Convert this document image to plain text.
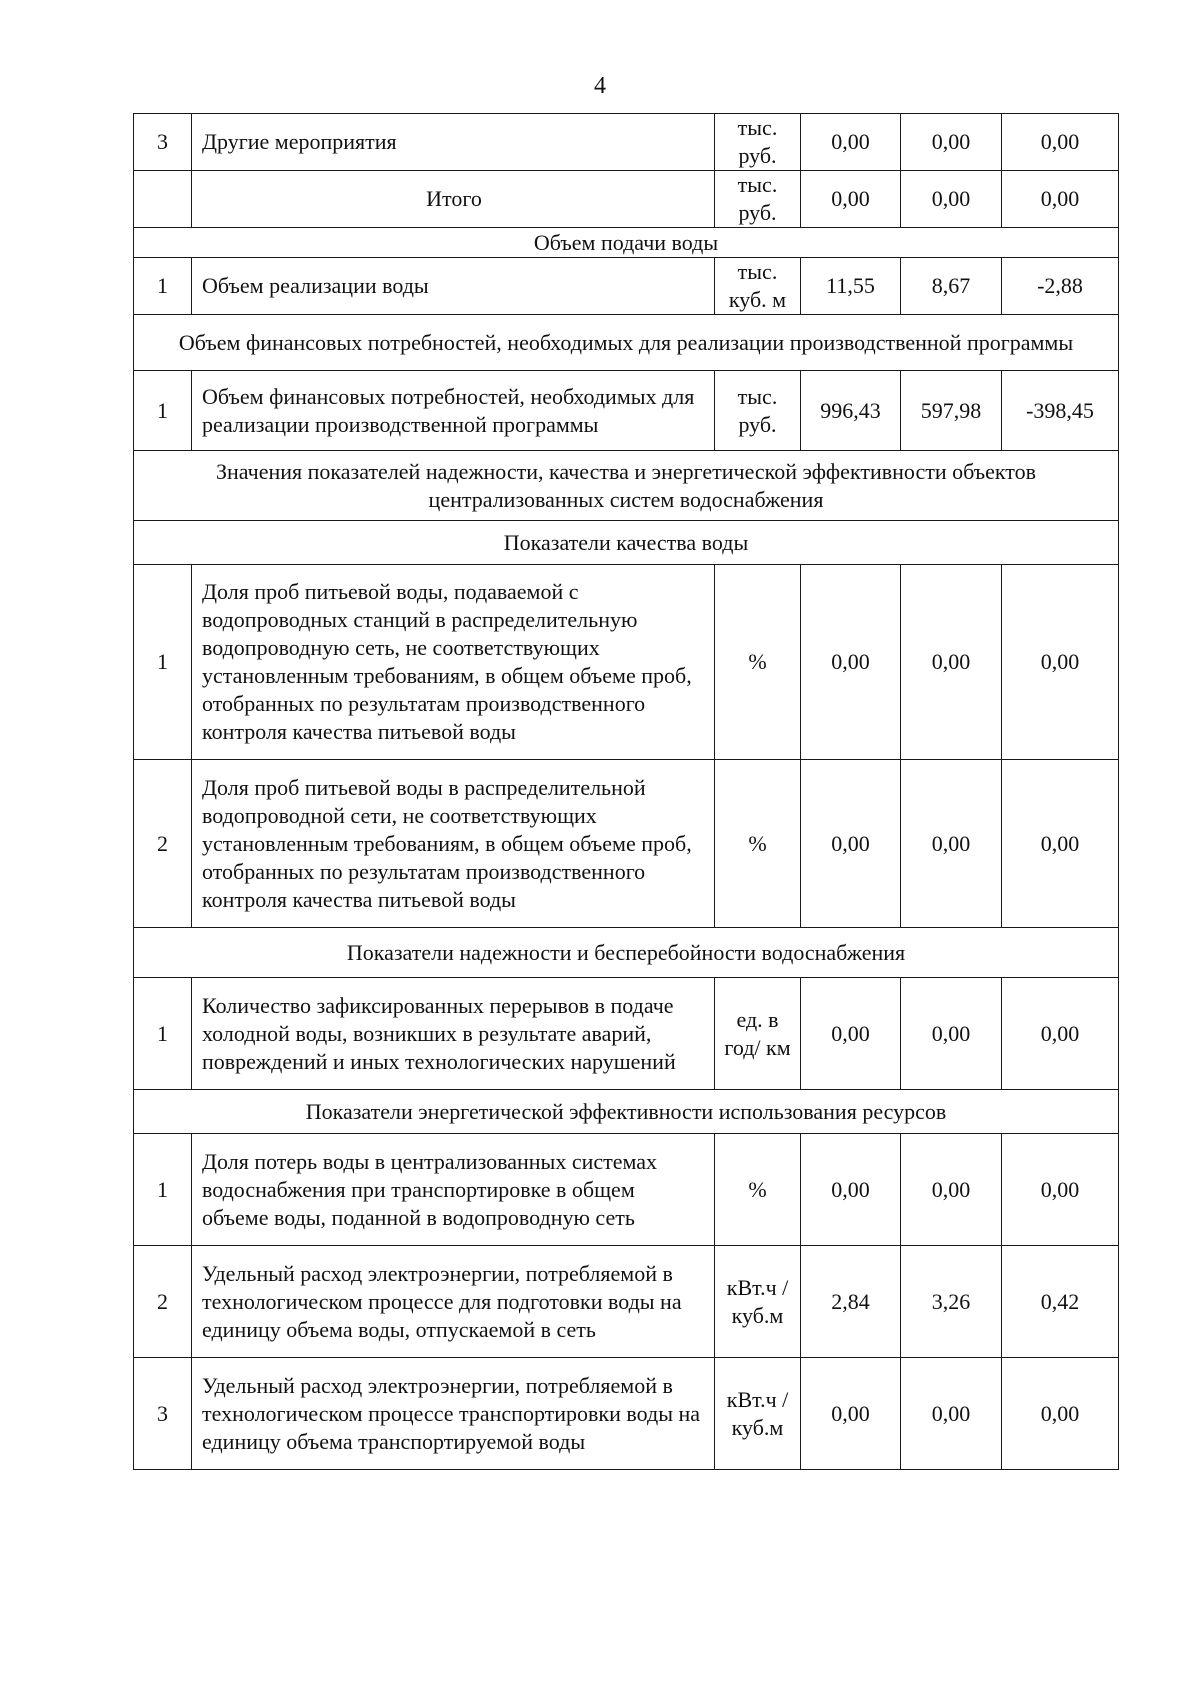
4
3	Другие мероприятия	тыс. руб.	0,00	0,00	0,00
	Итого	тыс. руб.	0,00	0,00	0,00
Объем подачи воды					
1	Объем реализации воды	тыс. куб. м	11,55	8,67	-2,88
Объем финансовых потребностей, необходимых для реализации производственной программы					
1	Объем финансовых потребностей, необходимых для реализации производственной программы	тыс. руб.	996,43	597,98	-398,45
Значения показателей надежности, качества и энергетической эффективности объектов централизованных систем водоснабжения					
Показатели качества воды					
1	Доля проб питьевой воды, подаваемой с водопроводных станций в распределительную водопроводную сеть, не соответствующих установленным требованиям, в общем объеме проб, отобранных по результатам производственного контроля качества питьевой воды	%	0,00	0,00	0,00
2	Доля проб питьевой воды в распределительной водопроводной сети, не соответствующих установленным требованиям, в общем объеме проб, отобранных по результатам производственного контроля качества питьевой воды	%	0,00	0,00	0,00
Показатели надежности и бесперебойности водоснабжения					
1	Количество зафиксированных перерывов в подаче холодной воды, возникших в результате аварий, повреждений и иных технологических нарушений	ед. в год/ км	0,00	0,00	0,00
Показатели энергетической эффективности использования ресурсов					
1	Доля потерь воды в централизованных системах водоснабжения при транспортировке в общем объеме воды, поданной в водопроводную сеть	%	0,00	0,00	0,00
2	Удельный расход электроэнергии, потребляемой в технологическом процессе для подготовки воды на единицу объема воды, отпускаемой в сеть	кВт.ч / куб.м	2,84	3,26	0,42
3	Удельный расход электроэнергии, потребляемой в технологическом процессе транспортировки воды на единицу объема транспортируемой воды	кВт.ч / куб.м	0,00	0,00	0,00
